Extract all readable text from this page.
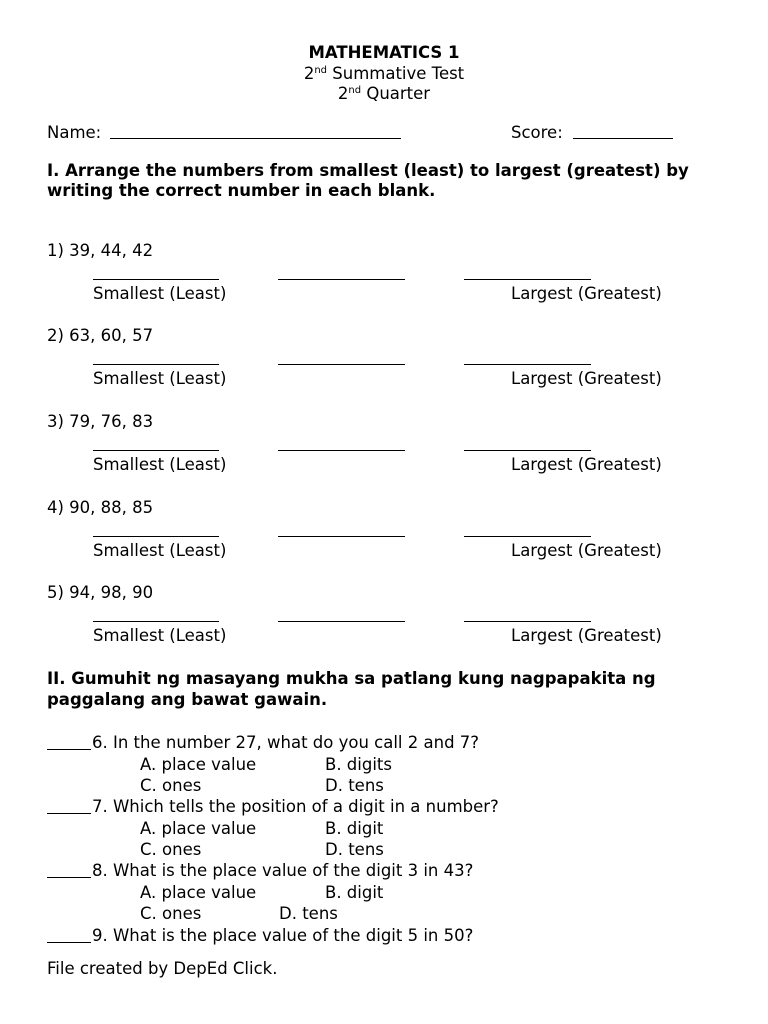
MATHEMATICS 1
2nd Summative Test
2nd Quarter
Name:	Score:
I. Arrange the numbers from smallest (least) to largest (greatest) by
writing the correct number in each blank.
1) 39, 44, 42
Smallest (Least)	Largest (Greatest)
2) 63, 60, 57
Smallest (Least)	Largest (Greatest)
3) 79, 76, 83
Smallest (Least)	Largest (Greatest)
4) 90, 88, 85
Smallest (Least)	Largest (Greatest)
5) 94, 98, 90
Smallest (Least)	Largest (Greatest)
II. Gumuhit ng masayang mukha sa patlang kung nagpapakita ng
paggalang ang bawat gawain.
6. In the number 27, what do you call 2 and 7?
A. place value	B. digits
C. ones	D. tens
7. Which tells the position of a digit in a number?
A. place value	B. digit
C. ones	D. tens
8. What is the place value of the digit 3 in 43?
A. place value	B. digit
C. ones	D. tens
9. What is the place value of the digit 5 in 50?
File created by DepEd Click.
